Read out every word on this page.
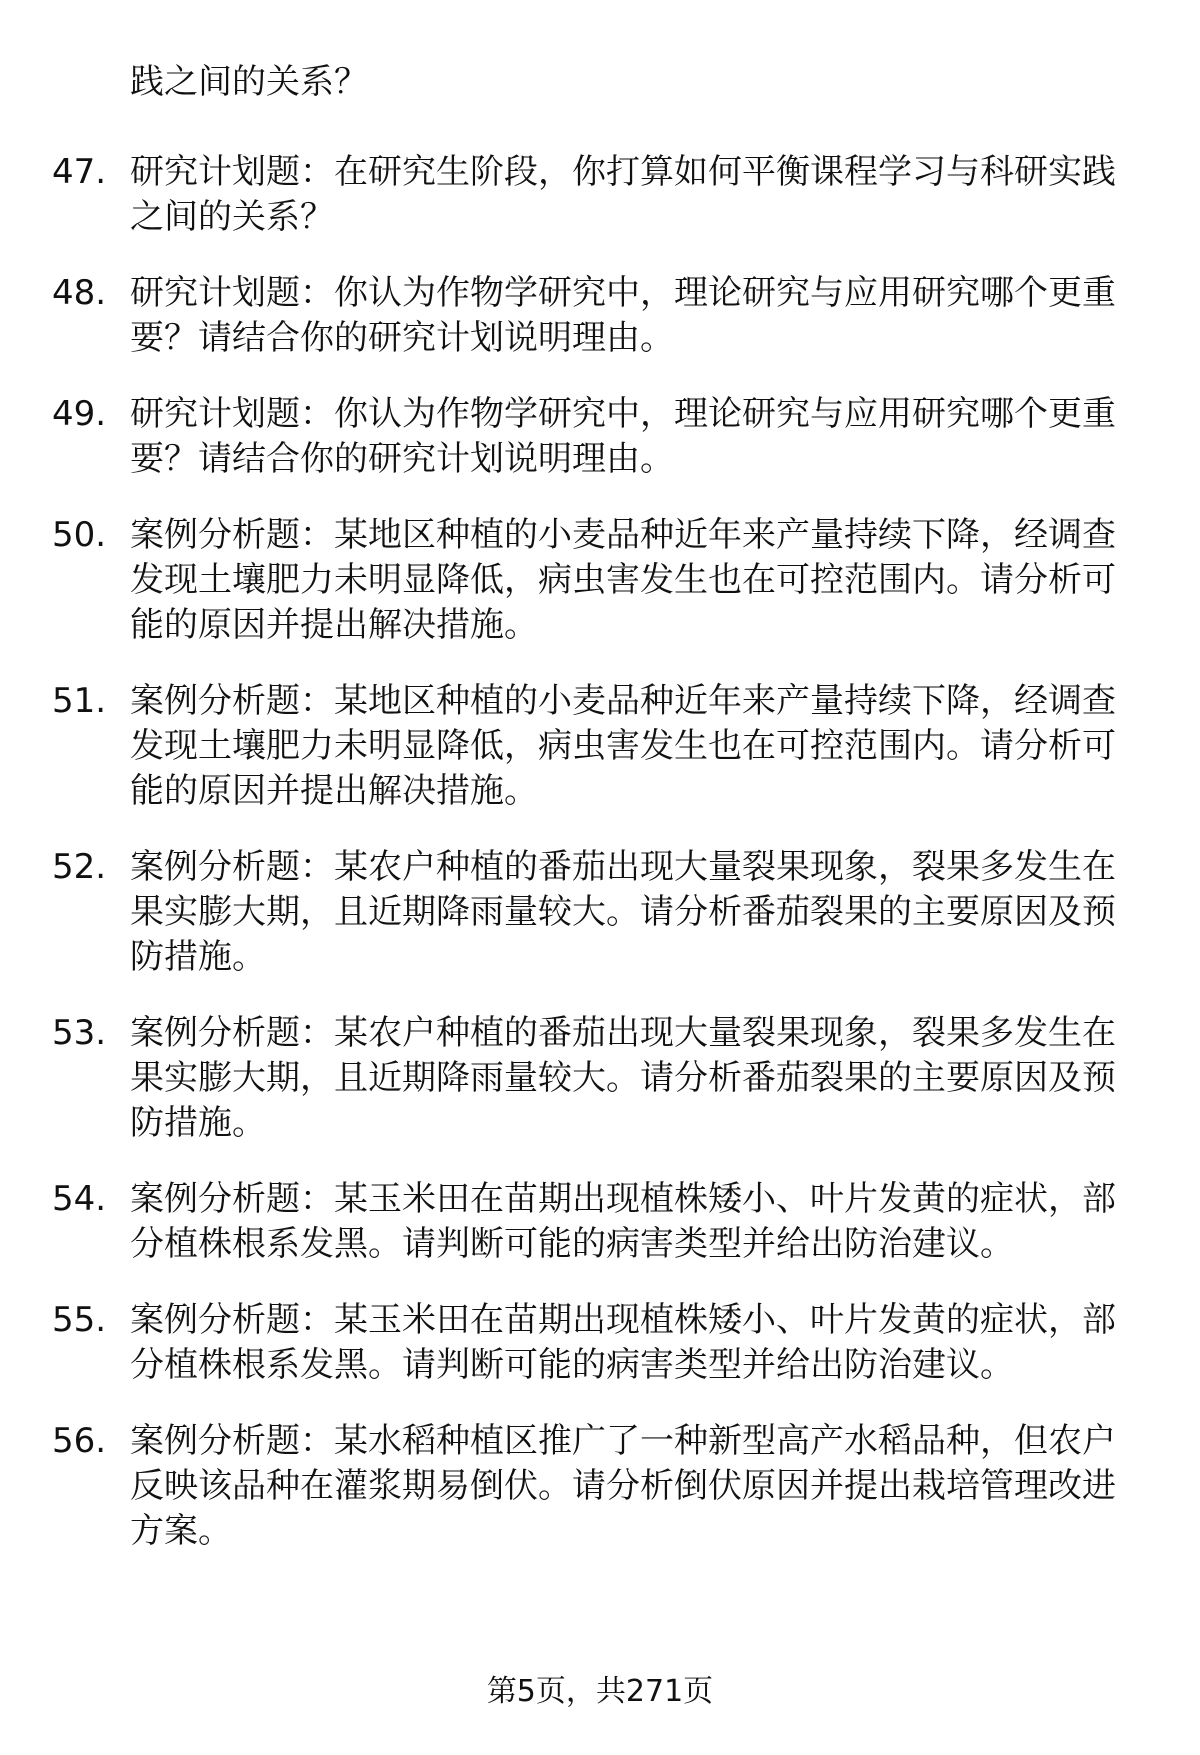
践之间的关系？
47. 研究计划题：在研究生阶段，你打算如何平衡课程学习与科研实践之间的关系？
48. 研究计划题：你认为作物学研究中，理论研究与应用研究哪个更重要？请结合你的研究计划说明理由。
49. 研究计划题：你认为作物学研究中，理论研究与应用研究哪个更重要？请结合你的研究计划说明理由。
50. 案例分析题：某地区种植的小麦品种近年来产量持续下降，经调查发现土壤肥力未明显降低，病虫害发生也在可控范围内。请分析可能的原因并提出解决措施。
51. 案例分析题：某地区种植的小麦品种近年来产量持续下降，经调查发现土壤肥力未明显降低，病虫害发生也在可控范围内。请分析可能的原因并提出解决措施。
52. 案例分析题：某农户种植的番茄出现大量裂果现象，裂果多发生在果实膨大期，且近期降雨量较大。请分析番茄裂果的主要原因及预防措施。
53. 案例分析题：某农户种植的番茄出现大量裂果现象，裂果多发生在果实膨大期，且近期降雨量较大。请分析番茄裂果的主要原因及预防措施。
54. 案例分析题：某玉米田在苗期出现植株矮小、叶片发黄的症状，部分植株根系发黑。请判断可能的病害类型并给出防治建议。
55. 案例分析题：某玉米田在苗期出现植株矮小、叶片发黄的症状，部分植株根系发黑。请判断可能的病害类型并给出防治建议。
56. 案例分析题：某水稻种植区推广了一种新型高产水稻品种，但农户反映该品种在灌浆期易倒伏。请分析倒伏原因并提出栽培管理改进方案。
第5页，共271页
